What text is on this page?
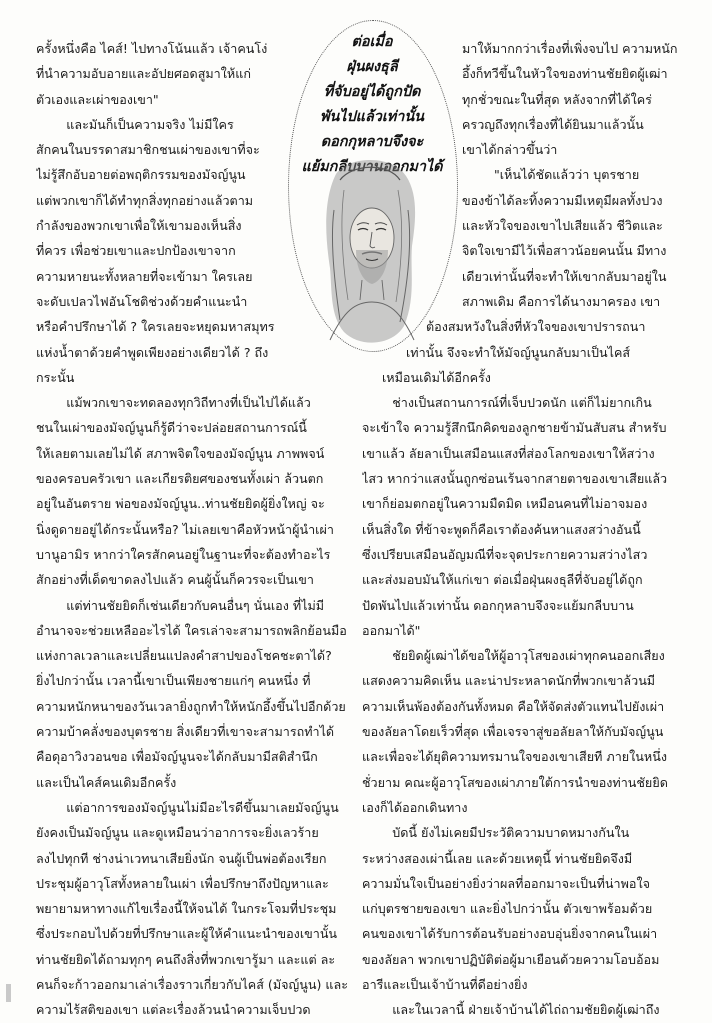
ครั้งหนึ่งคือ ไคส์! ไปทางโน้นแล้ว เจ้าคนโง่
ที่นำความอับอายและอัปยศอดสูมาให้แก่
ตัวเองและเผ่าของเขา"
และมันก็เป็นความจริง ไม่มีใคร
สักคนในบรรดาสมาชิกชนเผ่าของเขาที่จะ
ไม่รู้สึกอับอายต่อพฤติกรรมของมัจญ์นูน
แต่พวกเขาก็ได้ทำทุกสิ่งทุกอย่างแล้วตาม
กำลังของพวกเขาเพื่อให้เขามองเห็นสิ่ง
ที่ควร เพื่อช่วยเขาและปกป้องเขาจาก
ความหายนะทั้งหลายที่จะเข้ามา ใครเลย
จะดับเปลวไฟอันโชติช่วงด้วยคำแนะนำ
หรือคำปรึกษาได้ ? ใครเลยจะหยุดมหาสมุทร
แห่งน้ำตาด้วยคำพูดเพียงอย่างเดียวได้ ? ถึง
กระนั้น
แม้พวกเขาจะทดลองทุกวิถีทางที่เป็นไปได้แล้ว
ชนในเผ่าของมัจญ์นูนก็รู้ดีว่าจะปล่อยสถานการณ์นี้
ให้เลยตามเลยไม่ได้ สภาพจิตใจของมัจญ์นูน ภาพพจน์
ของครอบครัวเขา และเกียรติยศของชนทั้งเผ่า ล้วนตก
อยู่ในอันตราย พ่อของมัจญ์นูน..ท่านชัยยิดผู้ยิ่งใหญ่ จะ
นิ่งดูดายอยู่ได้กระนั้นหรือ? ไม่เลยเขาคือหัวหน้าผู้นำเผ่า
บานูอามิร หากว่าใครสักคนอยู่ในฐานะที่จะต้องทำอะไร
สักอย่างที่เด็ดขาดลงไปแล้ว คนผู้นั้นก็ควรจะเป็นเขา
แต่ท่านชัยยิดก็เช่นเดียวกับคนอื่นๆ นั่นเอง ที่ไม่มี
อำนาจจะช่วยเหลืออะไรได้ ใครเล่าจะสามารถพลิกย้อนมือ
แห่งกาลเวลาและเปลี่ยนแปลงคำสาปของโชคชะตาได้?
ยิ่งไปกว่านั้น เวลานี้เขาเป็นเพียงชายแก่ๆ คนหนึ่ง ที่
ความหนักหนาของวันเวลายิ่งถูกทำให้หนักอึ้งขึ้นไปอีกด้วย
ความบ้าคลั่งของบุตรชาย สิ่งเดียวที่เขาจะสามารถทำได้
คือดุอาวิงวอนขอ เพื่อมัจญ์นูนจะได้กลับมามีสติสำนึก
และเป็นไคส์คนเดิมอีกครั้ง
แต่อาการของมัจญ์นูนไม่มีอะไรดีขึ้นมาเลยมัจญ์นูน
ยังคงเป็นมัจญ์นูน และดูเหมือนว่าอาการจะยิ่งเลวร้าย
ลงไปทุกที ช่างน่าเวทนาเสียยิ่งนัก จนผู้เป็นพ่อต้องเรียก
ประชุมผู้อาวุโสทั้งหลายในเผ่า เพื่อปรึกษาถึงปัญหาและ
พยายามหาทางแก้ไขเรื่องนี้ให้จนได้ ในกระโจมที่ประชุม
ซึ่งประกอบไปด้วยที่ปรึกษาและผู้ให้คำแนะนำของเขานั้น
ท่านชัยยิดได้ถามทุกๆ คนถึงสิ่งที่พวกเขารู้มา และแต่ ละ
คนก็จะก้าวออกมาเล่าเรื่องราวเกี่ยวกับไคส์ (มัจญ์นูน) และ
ความไร้สติของเขา แต่ละเรื่องล้วนนำความเจ็บปวด
มาให้มากกว่าเรื่องที่เพิ่งจบไป ความหนัก
อึ้งก็ทวีขึ้นในหัวใจของท่านชัยยิดผู้เฒ่า
ทุกชั่วขณะในที่สุด หลังจากที่ได้ใคร่
ครวญถึงทุกเรื่องที่ได้ยินมาแล้วนั้น
เขาได้กล่าวขึ้นว่า
"เห็นได้ชัดแล้วว่า บุตรชาย
ของข้าได้ละทิ้งความมีเหตุมีผลทั้งปวง
และหัวใจของเขาไปเสียแล้ว ชีวิตและ
จิตใจเขามีไว้เพื่อสาวน้อยคนนั้น มีทาง
เดียวเท่านั้นที่จะทำให้เขากลับมาอยู่ใน
สภาพเดิม คือการได้นางมาครอง เขา
ต้องสมหวังในสิ่งที่หัวใจของเขาปรารถนา
เท่านั้น จึงจะทำให้มัจญ์นูนกลับมาเป็นไคส์
เหมือนเดิมได้อีกครั้ง
ช่างเป็นสถานการณ์ที่เจ็บปวดนัก แต่ก็ไม่ยากเกิน
จะเข้าใจ ความรู้สึกนึกคิดของลูกชายข้ามันสับสน สำหรับ
เขาแล้ว ลัยลาเป็นเสมือนแสงที่ส่องโลกของเขาให้สว่าง
ไสว หากว่าแสงนั้นถูกซ่อนเร้นจากสายตาของเขาเสียแล้ว
เขาก็ย่อมตกอยู่ในความมืดมิด เหมือนคนที่ไม่อาจมอง
เห็นสิ่งใด ที่ข้าจะพูดก็คือเราต้องค้นหาแสงสว่างอันนี้
ซึ่งเปรียบเสมือนอัญมณีที่จะจุดประกายความสว่างไสว
และส่งมอบมันให้แก่เขา ต่อเมื่อฝุ่นผงธุลีที่จับอยู่ได้ถูก
ปัดพันไปแล้วเท่านั้น ดอกกุหลาบจึงจะแย้มกลีบบาน
ออกมาได้"
ชัยยิดผู้เฒ่าได้ขอให้ผู้อาวุโสของเผ่าทุกคนออกเสียง
แสดงความคิดเห็น และน่าประหลาดนักที่พวกเขาล้วนมี
ความเห็นพ้องต้องกันทั้งหมด คือให้จัดส่งตัวแทนไปยังเผ่า
ของลัยลาโดยเร็วที่สุด เพื่อเจรจาสู่ขอลัยลาให้กับมัจญ์นูน
และเพื่อจะได้ยุติความทรมานใจของเขาเสียที ภายในหนึ่ง
ชั่วยาม คณะผู้อาวุโสของเผ่าภายใต้การนำของท่านชัยยิด
เองก็ได้ออกเดินทาง
บัดนี้ ยังไม่เคยมีประวัติความบาดหมางกันใน
ระหว่างสองเผ่านี้เลย และด้วยเหตุนี้ ท่านชัยยิดจึงมี
ความมั่นใจเป็นอย่างยิ่งว่าผลที่ออกมาจะเป็นที่น่าพอใจ
แก่บุตรชายของเขา และยิ่งไปกว่านั้น ตัวเขาพร้อมด้วย
คนของเขาได้รับการต้อนรับอย่างอบอุ่นยิ่งจากคนในเผ่า
ของลัยลา พวกเขาปฏิบัติต่อผู้มาเยือนด้วยความโอบอ้อม
อารีและเป็นเจ้าบ้านที่ดีอย่างยิ่ง
และในเวลานี้ ฝ่ายเจ้าบ้านได้ไถ่ถามชัยยิดผู้เฒ่าถึง
ต่อเมื่อ
ฝุ่นผงธุลี
ที่จับอยู่ได้ถูกปัด
พันไปแล้วเท่านั้น
ดอกกุหลาบจึงจะ
แย้มกลีบบานออกมาได้
